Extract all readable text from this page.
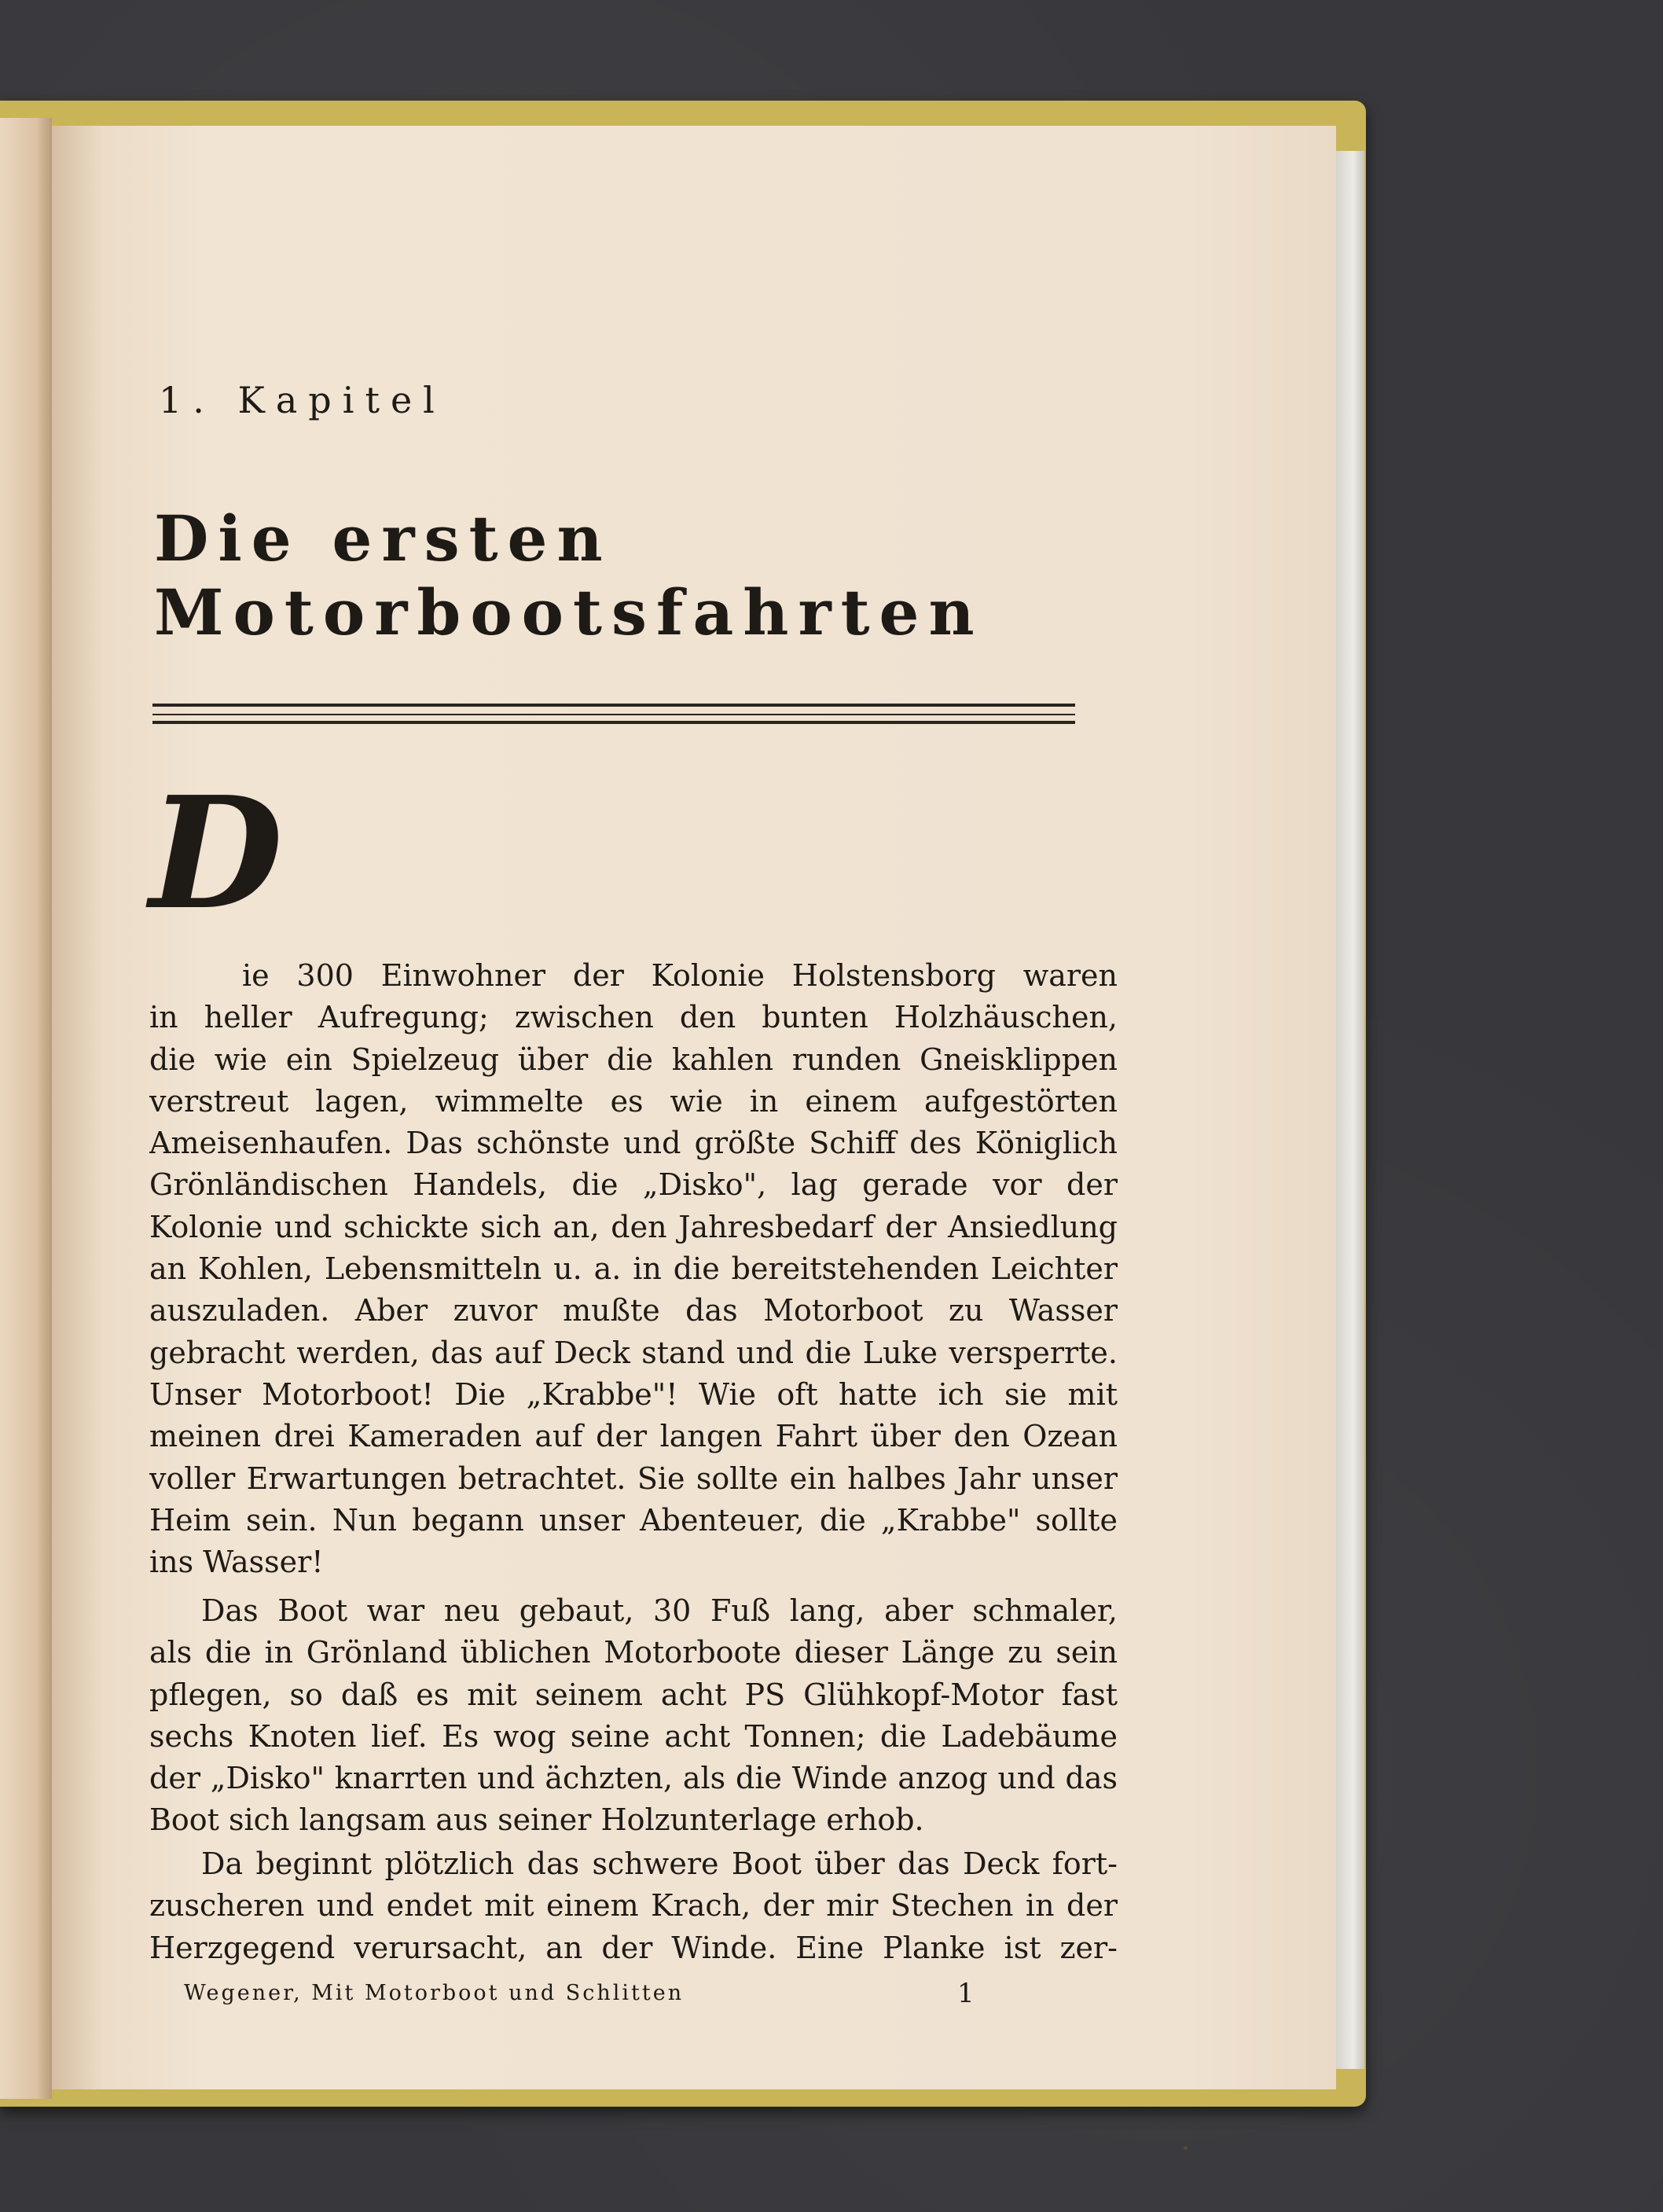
1. Kapitel
Die ersten Motorbootsfahrten
D
ie 300 Einwohner der Kolonie Holstensborg waren
in heller Aufregung; zwischen den bunten Holzhäuschen,
die wie ein Spielzeug über die kahlen runden Gneisklippen
verstreut lagen, wimmelte es wie in einem aufgestörten
Ameisenhaufen. Das schönste und größte Schiff des Königlich
Grönländischen Handels, die „Disko", lag gerade vor der
Kolonie und schickte sich an, den Jahresbedarf der Ansiedlung
an Kohlen, Lebensmitteln u. a. in die bereitstehenden Leichter
auszuladen. Aber zuvor mußte das Motorboot zu Wasser
gebracht werden, das auf Deck stand und die Luke versperrte.
Unser Motorboot! Die „Krabbe"! Wie oft hatte ich sie mit
meinen drei Kameraden auf der langen Fahrt über den Ozean
voller Erwartungen betrachtet. Sie sollte ein halbes Jahr unser
Heim sein. Nun begann unser Abenteuer, die „Krabbe" sollte
ins Wasser!
Das Boot war neu gebaut, 30 Fuß lang, aber schmaler,
als die in Grönland üblichen Motorboote dieser Länge zu sein
pflegen, so daß es mit seinem acht PS Glühkopf-Motor fast
sechs Knoten lief. Es wog seine acht Tonnen; die Ladebäume
der „Disko" knarrten und ächzten, als die Winde anzog und das
Boot sich langsam aus seiner Holzunterlage erhob.
Da beginnt plötzlich das schwere Boot über das Deck fort-
zuscheren und endet mit einem Krach, der mir Stechen in der
Herzgegend verursacht, an der Winde. Eine Planke ist zer-
Wegener, Mit Motorboot und Schlitten	1
